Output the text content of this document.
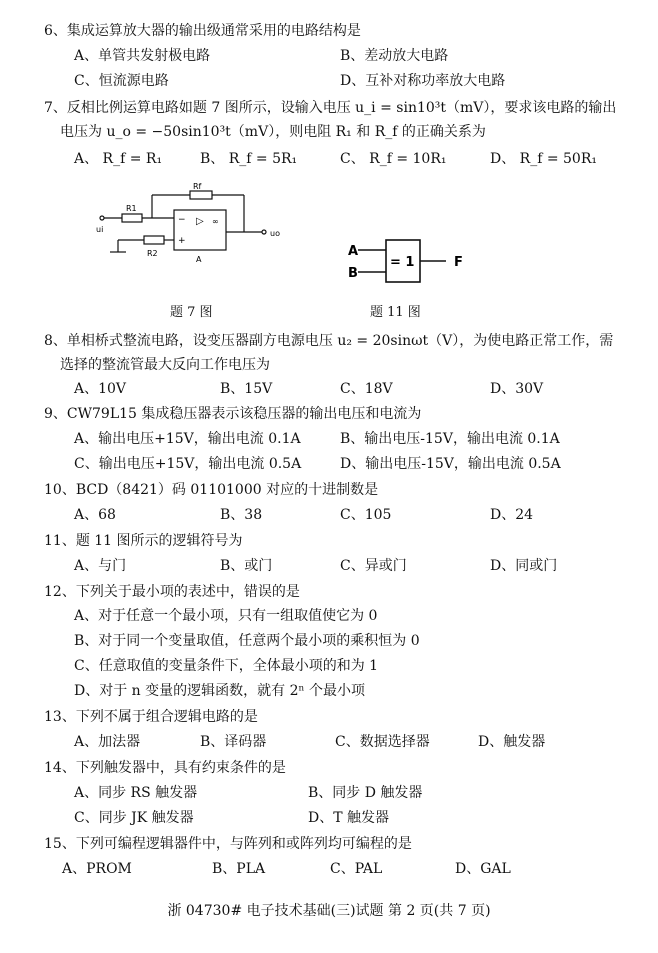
6、集成运算放大器的输出级通常采用的电路结构是
A、单管共发射极电路	B、差动放大电路
C、恒流源电路	D、互补对称功率放大电路
7、反相比例运算电路如题 7 图所示，设输入电压 u_i = sin10³t（mV），要求该电路的输出
电压为 u_o = −50sin10³t（mV），则电阻 R₁ 和 R_f 的正确关系为
A、 R_f = R₁	B、 R_f = 5R₁	C、 R_f = 10R₁	D、 R_f = 50R₁
Rf
R1
R2
ui	uo
−
+
▷ ∞
A
题 7 图
A
B
= 1	F
题 11 图
8、单相桥式整流电路，设变压器副方电源电压 u₂ = 20sinωt（V），为使电路正常工作，需
选择的整流管最大反向工作电压为
A、10V	B、15V	C、18V	D、30V
9、CW79L15 集成稳压器表示该稳压器的输出电压和电流为
A、输出电压+15V，输出电流 0.1A	B、输出电压-15V，输出电流 0.1A
C、输出电压+15V，输出电流 0.5A	D、输出电压-15V，输出电流 0.5A
10、BCD（8421）码 01101000 对应的十进制数是
A、68	B、38	C、105	D、24
11、题 11 图所示的逻辑符号为
A、与门	B、或门	C、异或门	D、同或门
12、下列关于最小项的表述中，错误的是
A、对于任意一个最小项，只有一组取值使它为 0
B、对于同一个变量取值，任意两个最小项的乘积恒为 0
C、任意取值的变量条件下，全体最小项的和为 1
D、对于 n 变量的逻辑函数，就有 2ⁿ 个最小项
13、下列不属于组合逻辑电路的是
A、加法器	B、译码器	C、数据选择器	D、触发器
14、下列触发器中，具有约束条件的是
A、同步 RS 触发器	B、同步 D 触发器
C、同步 JK 触发器	D、T 触发器
15、下列可编程逻辑器件中，与阵列和或阵列均可编程的是
A、PROM	B、PLA	C、PAL	D、GAL
浙 04730# 电子技术基础(三)试题 第 2 页(共 7 页)
